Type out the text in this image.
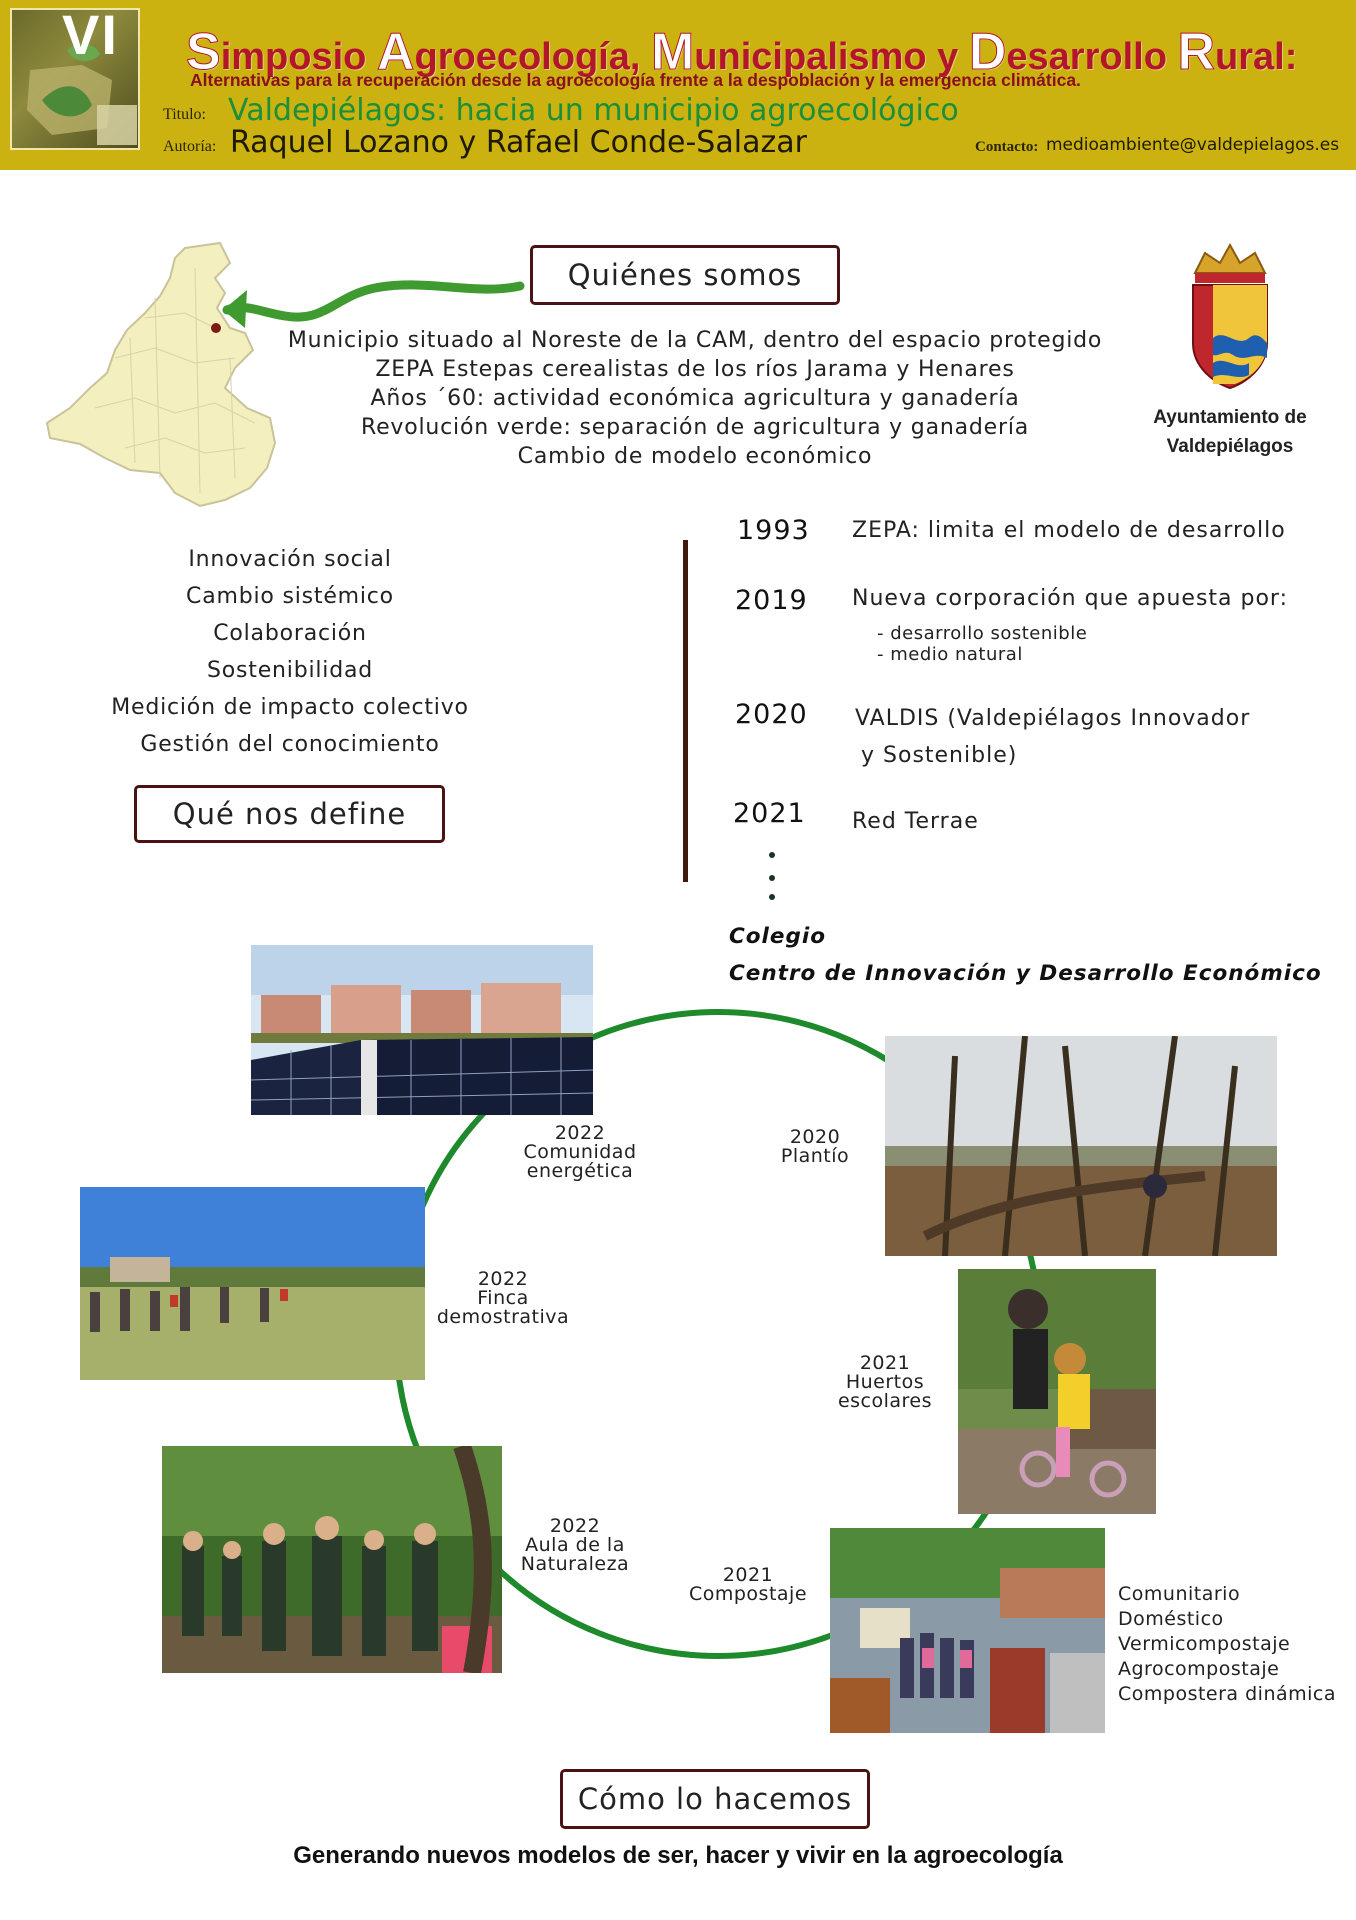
VI Simposio Agroecología, Municipalismo y Desarrollo Rural:
Alternativas para la recuperación desde la agroecología frente a la despoblación y la emergencia climática.
Titulo: Valdepiélagos: hacia un municipio agroecológico
Autoría: Raquel Lozano y Rafael Conde-Salazar	Contacto: medioambiente@valdepielagos.es
Quiénes somos
Municipio situado al Noreste de la CAM, dentro del espacio protegido
ZEPA Estepas cerealistas de los ríos Jarama y Henares
Años ´60: actividad económica agricultura y ganadería
Revolución verde: separación de agricultura y ganadería
Cambio de modelo económico
Ayuntamiento de
Valdepiélagos
Innovación social
Cambio sistémico
Colaboración
Sostenibilidad
Medición de impacto colectivo
Gestión del conocimiento
Qué nos define
1993 ZEPA: limita el modelo de desarrollo
2019 Nueva corporación que apuesta por:
- desarrollo sostenible
- medio natural
2020 VALDIS (Valdepiélagos Innovador
y Sostenible)
2021 Red Terrae
Colegio
Centro de Innovación y Desarrollo Económico
2022
Comunidad
energética
2020
Plantío
2022
Finca
demostrativa
2021
Huertos
escolares
2022
Aula de la
Naturaleza	2021
Compostaje	Comunitario
Doméstico
Vermicompostaje
Agrocompostaje
Compostera dinámica
Cómo lo hacemos
Generando nuevos modelos de ser, hacer y vivir en la agroecología
